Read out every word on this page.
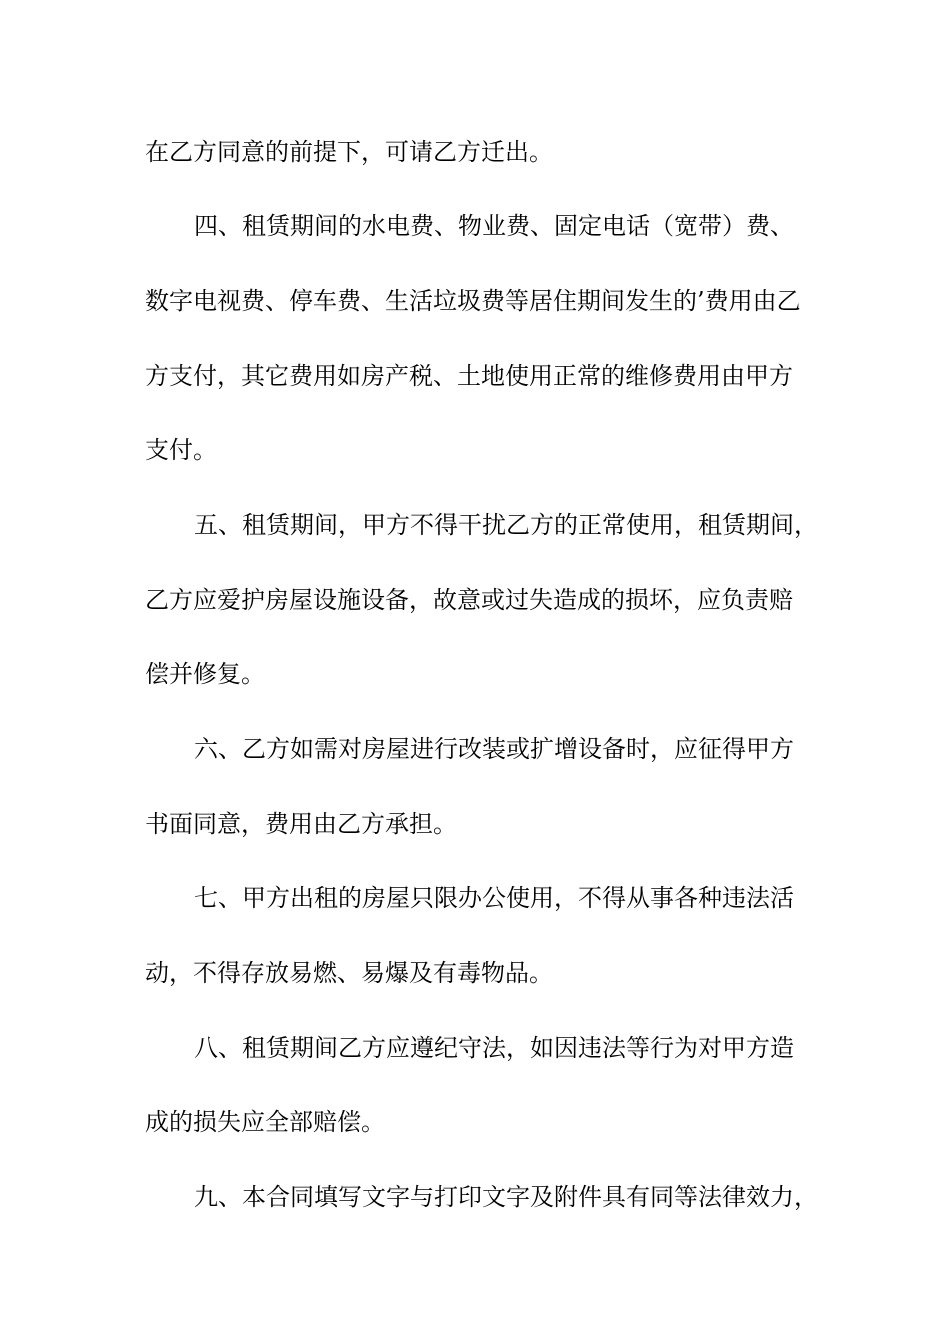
在乙方同意的前提下，可请乙方迁出。
四、租赁期间的水电费、物业费、固定电话（宽带）费、
数字电视费、停车费、生活垃圾费等居住期间发生的’费用由乙
方支付，其它费用如房产税、土地使用正常的维修费用由甲方
支付。
五、租赁期间，甲方不得干扰乙方的正常使用，租赁期间，
乙方应爱护房屋设施设备，故意或过失造成的损坏，应负责赔
偿并修复。
六、乙方如需对房屋进行改装或扩增设备时，应征得甲方
书面同意，费用由乙方承担。
七、甲方出租的房屋只限办公使用，不得从事各种违法活
动，不得存放易燃、易爆及有毒物品。
八、租赁期间乙方应遵纪守法，如因违法等行为对甲方造
成的损失应全部赔偿。
九、本合同填写文字与打印文字及附件具有同等法律效力，
